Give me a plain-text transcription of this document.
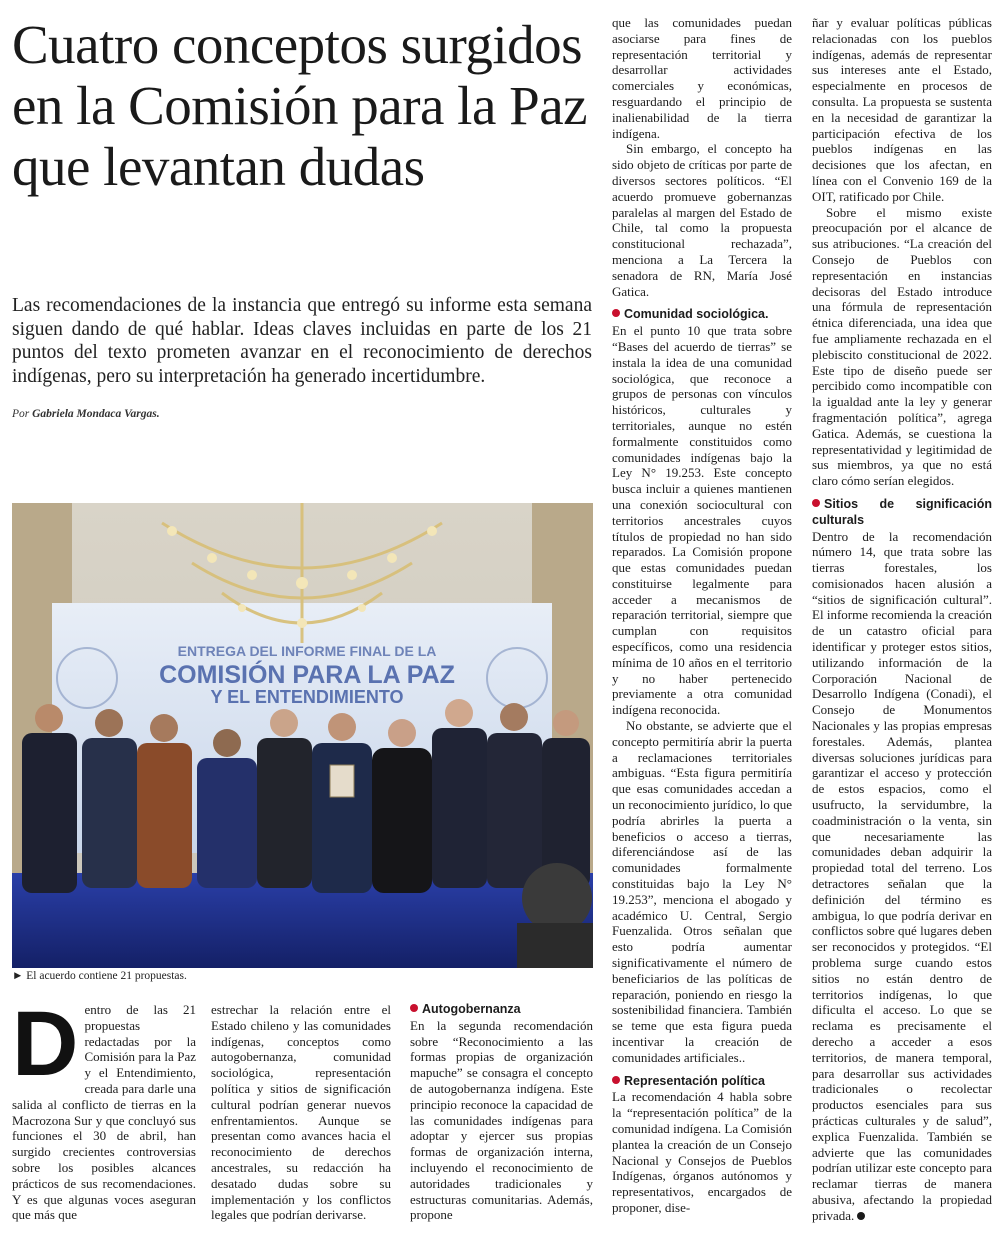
Cuatro conceptos surgidos en la Comisión para la Paz que levantan dudas

Las recomendaciones de la instancia que entregó su informe esta semana siguen dando de qué hablar. Ideas claves incluidas en parte de los 21 puntos del texto prometen avanzar en el reconocimiento de derechos indígenas, pero su interpretación ha generado incertidumbre.

Por Gabriela Mondaca Vargas.
ENTREGA DEL INFORME FINAL DE LA
COMISIÓN PARA LA PAZ
Y EL ENTENDIMIENTO
► El acuerdo contiene 21 propuestas.
D entro de las 21 propuestas redactadas por la Comisión para la Paz y el Entendimiento, creada para darle una salida al conflicto de tierras en la Macrozona Sur y que concluyó sus funciones el 30 de abril, han surgido crecientes controversias sobre los posibles alcances prácticos de sus recomendaciones. Y es que algunas voces aseguran que más que

estrechar la relación entre el Estado chileno y las comunidades indígenas, conceptos como autogobernanza, comunidad sociológica, representación política y sitios de significación cultural podrían generar nuevos enfrentamientos. Aunque se presentan como avances hacia el reconocimiento de derechos ancestrales, su redacción ha desatado dudas sobre su implementación y los conflictos legales que podrían derivarse.

Autogobernanza

En la segunda recomendación sobre “Reconocimiento a las formas propias de organización mapuche” se consagra el concepto de autogobernanza indígena. Este principio reconoce la capacidad de las comunidades indígenas para adoptar y ejercer sus propias formas de organización interna, incluyendo el reconocimiento de autoridades tradicionales y estructuras comunitarias. Además, propone

que las comunidades puedan asociarse para fines de representación territorial y desarrollar actividades comerciales y económicas, resguardando el principio de inalienabilidad de la tierra indígena.

Sin embargo, el concepto ha sido objeto de críticas por parte de diversos sectores políticos. “El acuerdo promueve gobernanzas paralelas al margen del Estado de Chile, tal como la propuesta constitucional rechazada”, menciona a La Tercera la senadora de RN, María José Gatica.

Comunidad sociológica.

En el punto 10 que trata sobre “Bases del acuerdo de tierras” se instala la idea de una comunidad sociológica, que reconoce a grupos de personas con vínculos históricos, culturales y territoriales, aunque no estén formalmente constituidos como comunidades indígenas bajo la Ley N° 19.253. Este concepto busca incluir a quienes mantienen una conexión sociocultural con territorios ancestrales cuyos títulos de propiedad no han sido reparados. La Comisión propone que estas comunidades puedan constituirse legalmente para acceder a mecanismos de reparación territorial, siempre que cumplan con requisitos específicos, como una residencia mínima de 10 años en el territorio y no haber pertenecido previamente a otra comunidad indígena reconocida.

No obstante, se advierte que el concepto permitiría abrir la puerta a reclamaciones territoriales ambiguas. “Esta figura permitiría que esas comunidades accedan a un reconocimiento jurídico, lo que podría abrirles la puerta a beneficios o acceso a tierras, diferenciándose así de las comunidades formalmente constituidas bajo la Ley N° 19.253”, menciona el abogado y académico U. Central, Sergio Fuenzalida. Otros señalan que esto podría aumentar significativamente el número de beneficiarios de las políticas de reparación, poniendo en riesgo la sostenibilidad financiera. También se teme que esta figura pueda incentivar la creación de comunidades artificiales..

Representación política

La recomendación 4 habla sobre la “representación política” de la comunidad indígena. La Comisión plantea la creación de un Consejo Nacional y Consejos de Pueblos Indígenas, órganos autónomos y representativos, encargados de proponer, dise-

ñar y evaluar políticas públicas relacionadas con los pueblos indígenas, además de representar sus intereses ante el Estado, especialmente en procesos de consulta. La propuesta se sustenta en la necesidad de garantizar la participación efectiva de los pueblos indígenas en las decisiones que los afectan, en línea con el Convenio 169 de la OIT, ratificado por Chile.

Sobre el mismo existe preocupación por el alcance de sus atribuciones. “La creación del Consejo de Pueblos con representación en instancias decisoras del Estado introduce una fórmula de representación étnica diferenciada, una idea que fue ampliamente rechazada en el plebiscito constitucional de 2022. Este tipo de diseño puede ser percibido como incompatible con la igualdad ante la ley y generar fragmentación política”, agrega Gatica. Además, se cuestiona la representatividad y legitimidad de sus miembros, ya que no está claro cómo serían elegidos.

Sitios de significación culturals

Dentro de la recomendación número 14, que trata sobre las tierras forestales, los comisionados hacen alusión a “sitios de significación cultural”. El informe recomienda la creación de un catastro oficial para identificar y proteger estos sitios, utilizando información de la Corporación Nacional de Desarrollo Indígena (Conadi), el Consejo de Monumentos Nacionales y las propias empresas forestales. Además, plantea diversas soluciones jurídicas para garantizar el acceso y protección de estos espacios, como el usufructo, la servidumbre, la coadministración o la venta, sin que necesariamente las comunidades deban adquirir la propiedad total del terreno. Los detractores señalan que la definición del término es ambigua, lo que podría derivar en conflictos sobre qué lugares deben ser reconocidos y protegidos. “El problema surge cuando estos sitios no están dentro de territorios indígenas, lo que dificulta el acceso. Lo que se reclama es precisamente el derecho a acceder a esos territorios, de manera temporal, para desarrollar sus actividades tradicionales o recolectar productos esenciales para sus prácticas culturales y de salud”, explica Fuenzalida. También se advierte que las comunidades podrían utilizar este concepto para reclamar tierras de manera abusiva, afectando la propiedad privada.
